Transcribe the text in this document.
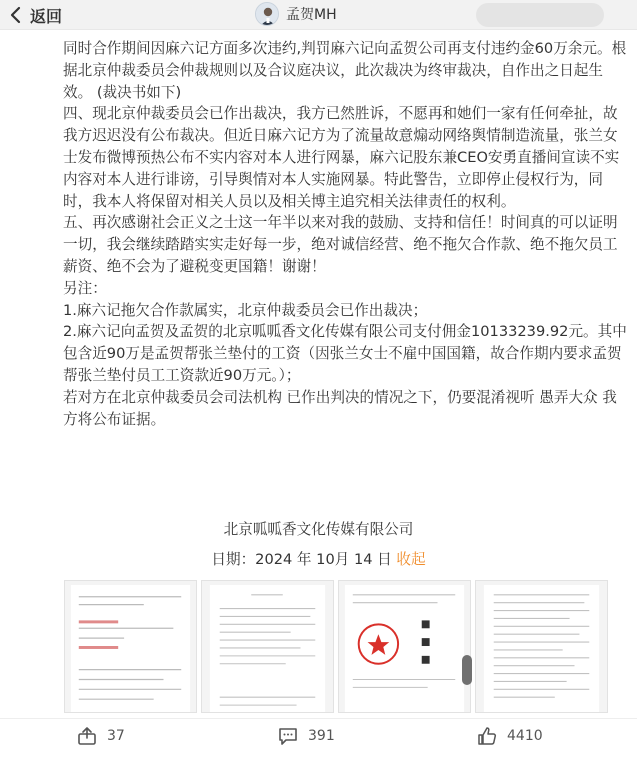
返回	孟贺MH

同时合作期间因麻六记方面多次违约,判罚麻六记向孟贺公司再支付违约金60万余元。根据北京仲裁委员会仲裁规则以及合议庭决议，此次裁决为终审裁决，自作出之日起生效。 (裁决书如下)

四、现北京仲裁委员会已作出裁决，我方已然胜诉，不愿再和她们一家有任何牵扯，故我方迟迟没有公布裁决。但近日麻六记方为了流量故意煽动网络舆情制造流量，张兰女士发布微博预热公布不实内容对本人进行网暴，麻六记股东兼CEO安勇直播间宣读不实内容对本人进行诽谤，引导舆情对本人实施网暴。特此警告，立即停止侵权行为，同时，我本人将保留对相关人员以及相关博主追究相关法律责任的权利。

五、再次感谢社会正义之士这一年半以来对我的鼓励、支持和信任！时间真的可以证明一切，我会继续踏踏实实走好每一步，绝对诚信经营、绝不拖欠合作款、绝不拖欠员工薪资、绝不会为了避税变更国籍！谢谢！

另注：

1.麻六记拖欠合作款属实，北京仲裁委员会已作出裁决；

2.麻六记向孟贺及孟贺的北京呱呱香文化传媒有限公司支付佣金10133239.92元。其中包含近90万是孟贺帮张兰垫付的工资（因张兰女士不雇中国国籍，故合作期内要求孟贺帮张兰垫付员工工资款近90万元。）；

若对方在北京仲裁委员会司法机构 已作出判决的情况之下，仍要混淆视听 愚弄大众 我方将公布证据。

北京呱呱香文化传媒有限公司
日期：2024 年 10月 14 日 收起
37	391	4410
